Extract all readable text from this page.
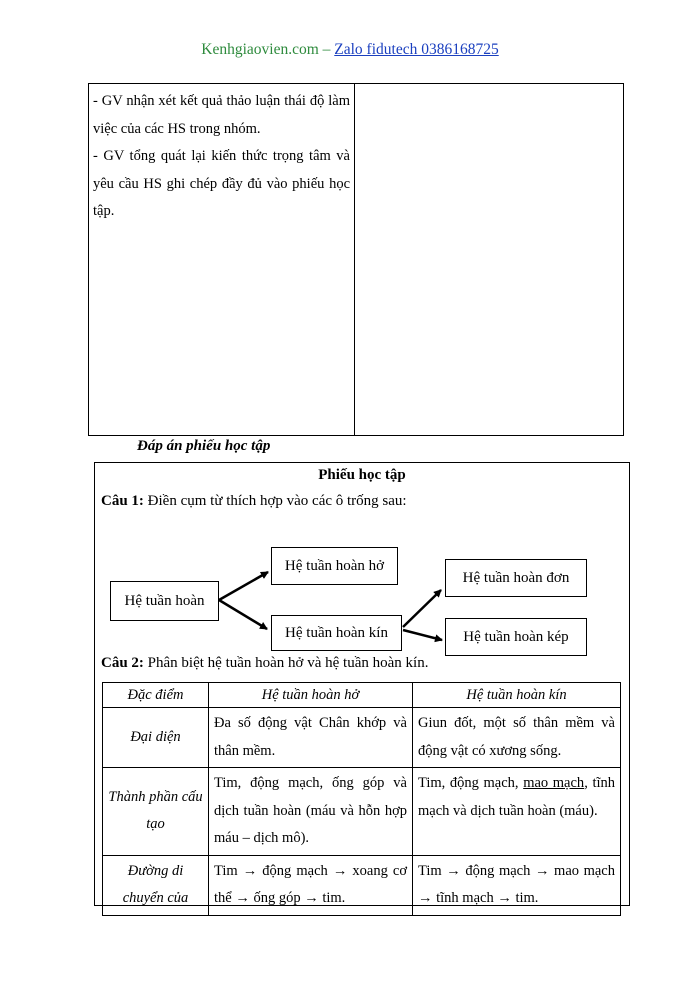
Kenhgiaovien.com – Zalo fidutech 0386168725

- GV nhận xét kết quả thảo luận thái độ làm việc của các HS trong nhóm.

- GV tổng quát lại kiến thức trọng tâm và yêu cầu HS ghi chép đầy đủ vào phiếu học tập.

Đáp án phiếu học tập
Phiếu học tập
Câu 1: Điền cụm từ thích hợp vào các ô trống sau:
Hệ tuần hoàn
Hệ tuần hoàn hở
Hệ tuần hoàn kín
Hệ tuần hoàn đơn
Hệ tuần hoàn kép
Câu 2: Phân biệt hệ tuần hoàn hở và hệ tuần hoàn kín.
Đặc điểm	Hệ tuần hoàn hở	Hệ tuần hoàn kín
Đại diện	Đa số động vật Chân khớp và thân mềm.	Giun đốt, một số thân mềm và động vật có xương sống.
Thành phần cấu tạo	Tim, động mạch, ống góp và dịch tuần hoàn (máu và hỗn hợp máu – dịch mô).	Tim, động mạch, mao mạch, tĩnh mạch và dịch tuần hoàn (máu).
Đường di chuyển của	Tim → động mạch → xoang cơ thể → ống góp → tim.	Tim → động mạch → mao mạch → tĩnh mạch → tim.
